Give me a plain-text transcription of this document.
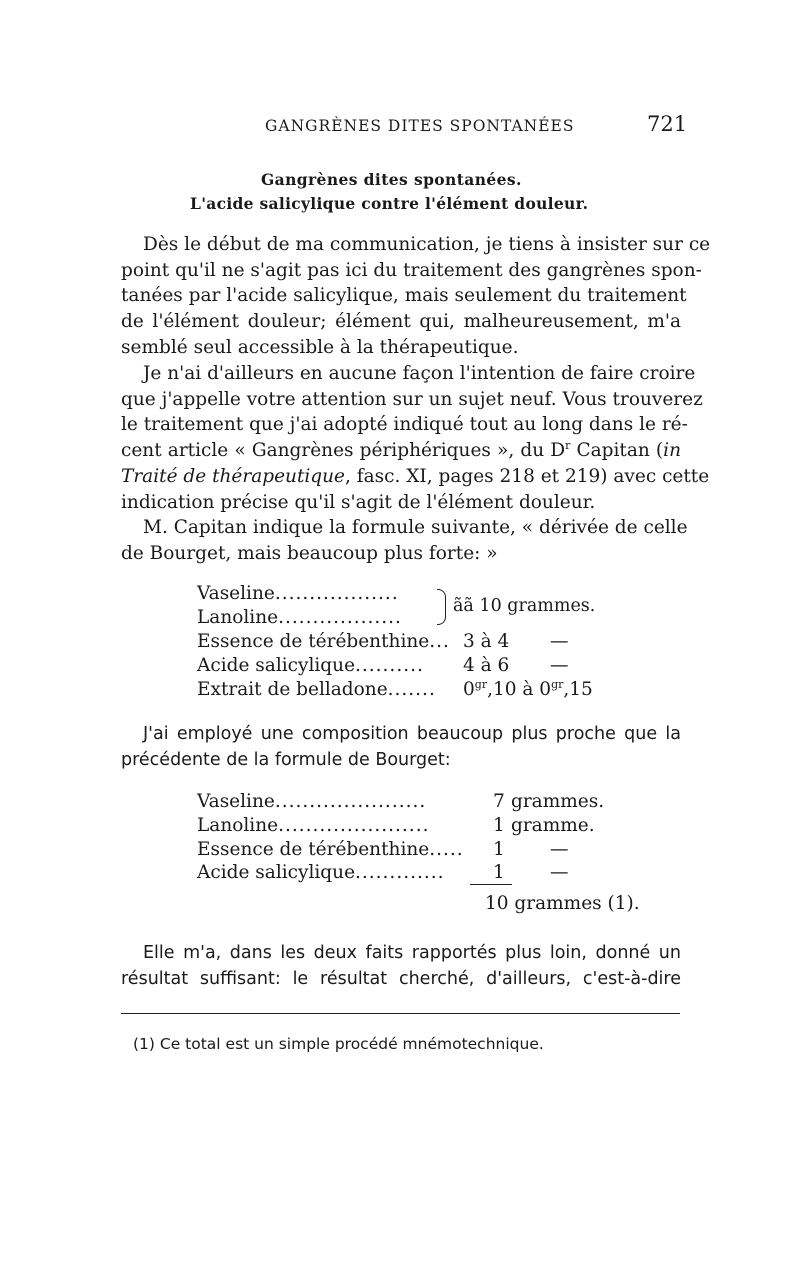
GANGRÈNES DITES SPONTANÉES	721
Gangrènes dites spontanées.
L'acide salicylique contre l'élément douleur.
Dès le début de ma communication, je tiens à insister sur ce
point qu'il ne s'agit pas ici du traitement des gangrènes spon-
tanées par l'acide salicylique, mais seulement du traitement
de l'élément douleur; élément qui, malheureusement, m'a
semblé seul accessible à la thérapeutique.
Je n'ai d'ailleurs en aucune façon l'intention de faire croire
que j'appelle votre attention sur un sujet neuf. Vous trouverez
le traitement que j'ai adopté indiqué tout au long dans le ré-
cent article « Gangrènes périphériques », du $D^r$ Capitan (in
Traité de thérapeutique, fasc. XI, pages 218 et 219) avec cette
indication précise qu'il s'agit de l'élément douleur.
M. Capitan indique la formule suivante, « dérivée de celle
de Bourget, mais beaucoup plus forte: »
Vaseline..................
Lanoline..................
ãã 10 grammes.
Essence de térébenthine... 3 à 4 —
Acide salicylique.......... 4 à 6 —
Extrait de belladone....... $0^{gr},10$ à $0^{gr},15$
J'ai employé une composition beaucoup plus proche que la
précédente de la formule de Bourget:
Vaseline......................	7 grammes.
Lanoline......................	1 gramme.
Essence de térébenthine..... 1 —
Acide salicylique.............	1 —
10 grammes (1).
Elle m'a, dans les deux faits rapportés plus loin, donné un
résultat suffisant: le résultat cherché, d'ailleurs, c'est-à-dire
(1) Ce total est un simple procédé mnémotechnique.
